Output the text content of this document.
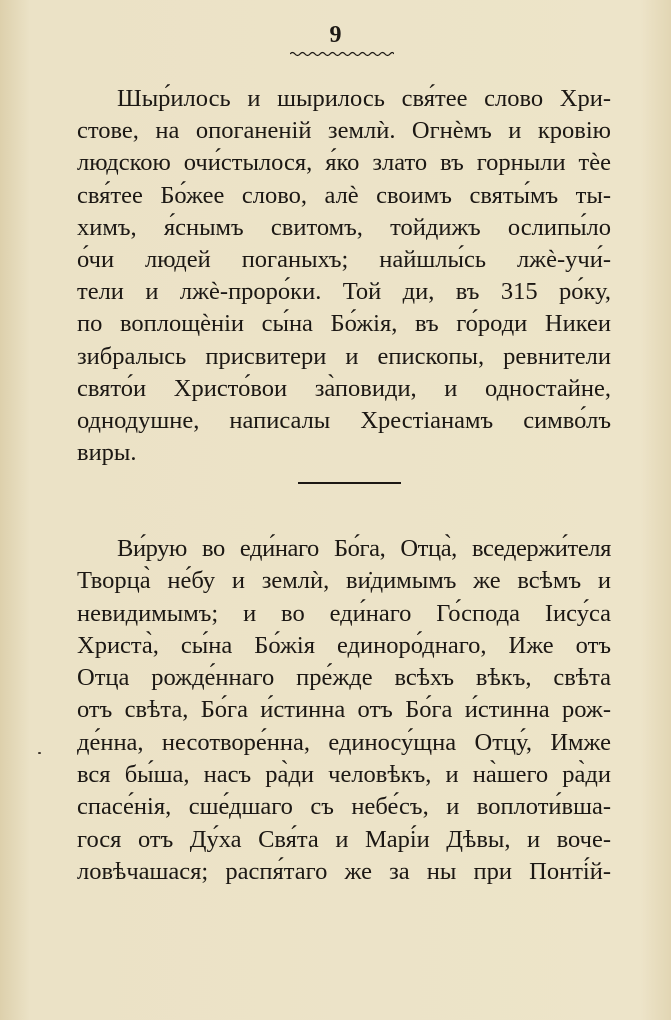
9
Шыр́илось и шырилось свя́тее слово Хри-
стове, на опоганеній землѝ. Огнѐмъ и кровію
людскою очи́стылося, я́ко злато въ горныли тѐе
свя́тее Бо́жее слово, алѐ своимъ святы́мъ ты-
химъ, я́снымъ свитомъ, тойдижъ ослипы́ло
о́чи людей поганыхъ; найшлы́сь лжѐ-учи́-
тели и лжѐ-проро́ки. Той ди, въ 315 ро́ку,
по воплощѐніи сы́на Бо́жія, въ го́роди Никеи
зибралысь присвитери и епископы, ревнители
свято́и Христо́вои за̀повиди, и одностайне,
однодушне, написалы Хрестіанамъ симво́лъ
виры.
Ви́рую во еди́наго Бо́га, Отца̀, вседержи́теля
Творца̀ не́бу и землѝ, ви̇димымъ же всѣмъ и
невидимымъ; и во еди́наго Го́спода Іису́са
Христа̀, сы́на Бо́жія единоро́днаго, Иже отъ
Отца рожде́ннаго пре́жде всѣхъ вѣкъ, свѣта
отъ свѣта, Бо́га и́стинна отъ Бо́га и́стинна рож-
де́нна, несотворе́нна, единосу́щна Отцу́, Имже
вся бы́ша, насъ ра̀ди человѣкъ, и на̀шего ра̀ди
спасе́нія, сше́дшаго съ небе́съ, и воплоти́вша-
гося отъ Ду́ха Свя́та и Марі́и Дѣвы, и воче-
ловѣчашася; распя́таго же за ны при Понті́й-
